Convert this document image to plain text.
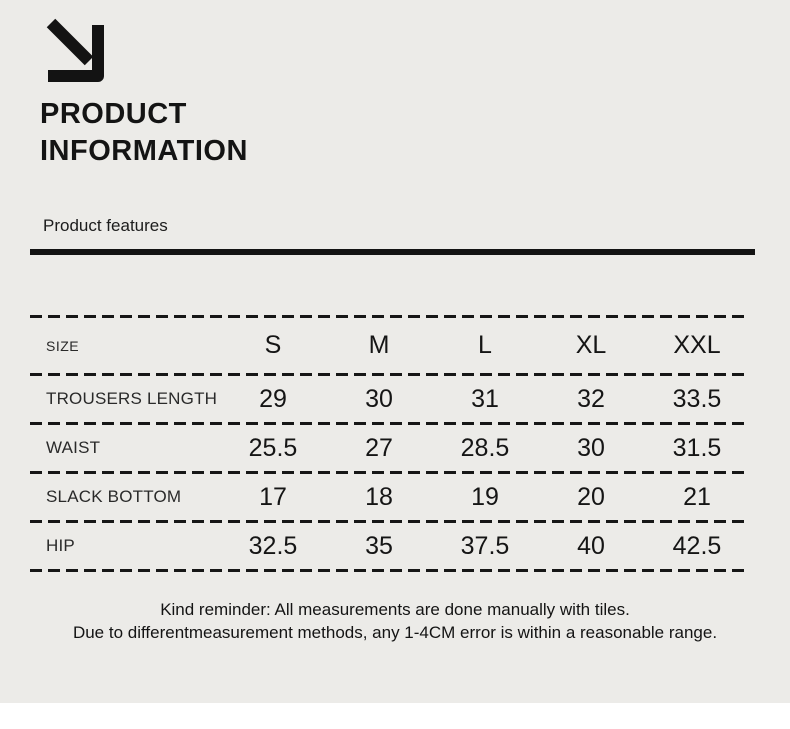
PRODUCT
INFORMATION
Product features
SIZE	S	M	L	XL	XXL
TROUSERS LENGTH	29	30	31	32	33.5
WAIST	25.5	27	28.5	30	31.5
SLACK BOTTOM	17	18	19	20	21
HIP	32.5	35	37.5	40	42.5
Kind reminder: All measurements are done manually with tiles.
Due to differentmeasurement methods, any 1-4CM error is within a reasonable range.
